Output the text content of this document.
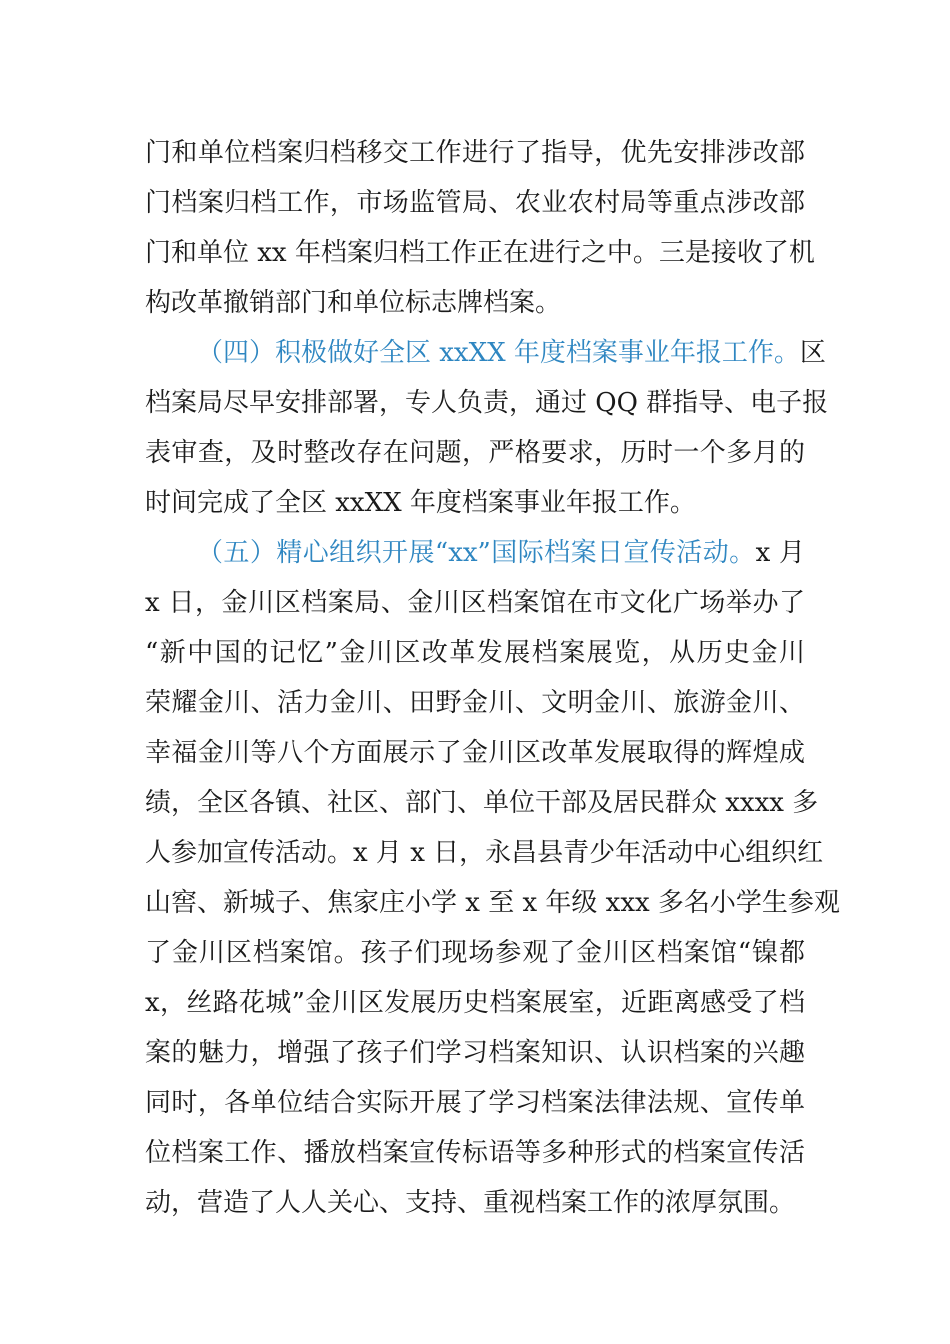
门和单位档案归档移交工作进行了指导，优先安排涉改部
门档案归档工作，市场监管局、农业农村局等重点涉改部
门和单位 xx 年档案归档工作正在进行之中。三是接收了机
构改革撤销部门和单位标志牌档案。
（四）积极做好全区 xxXX 年度档案事业年报工作。区
档案局尽早安排部署，专人负责，通过 QQ 群指导、电子报
表审查，及时整改存在问题，严格要求，历时一个多月的
时间完成了全区 xxXX 年度档案事业年报工作。
（五）精心组织开展“xx”国际档案日宣传活动。x 月
x 日，金川区档案局、金川区档案馆在市文化广场举办了
“新中国的记忆”金川区改革发展档案展览，从历史金川
荣耀金川、活力金川、田野金川、文明金川、旅游金川、
幸福金川等八个方面展示了金川区改革发展取得的辉煌成
绩，全区各镇、社区、部门、单位干部及居民群众 xxxx 多
人参加宣传活动。x 月 x 日，永昌县青少年活动中心组织红
山窖、新城子、焦家庄小学 x 至 x 年级 xxx 多名小学生参观
了金川区档案馆。孩子们现场参观了金川区档案馆“镍都
x，丝路花城”金川区发展历史档案展室，近距离感受了档
案的魅力，增强了孩子们学习档案知识、认识档案的兴趣
同时，各单位结合实际开展了学习档案法律法规、宣传单
位档案工作、播放档案宣传标语等多种形式的档案宣传活
动，营造了人人关心、支持、重视档案工作的浓厚氛围。
